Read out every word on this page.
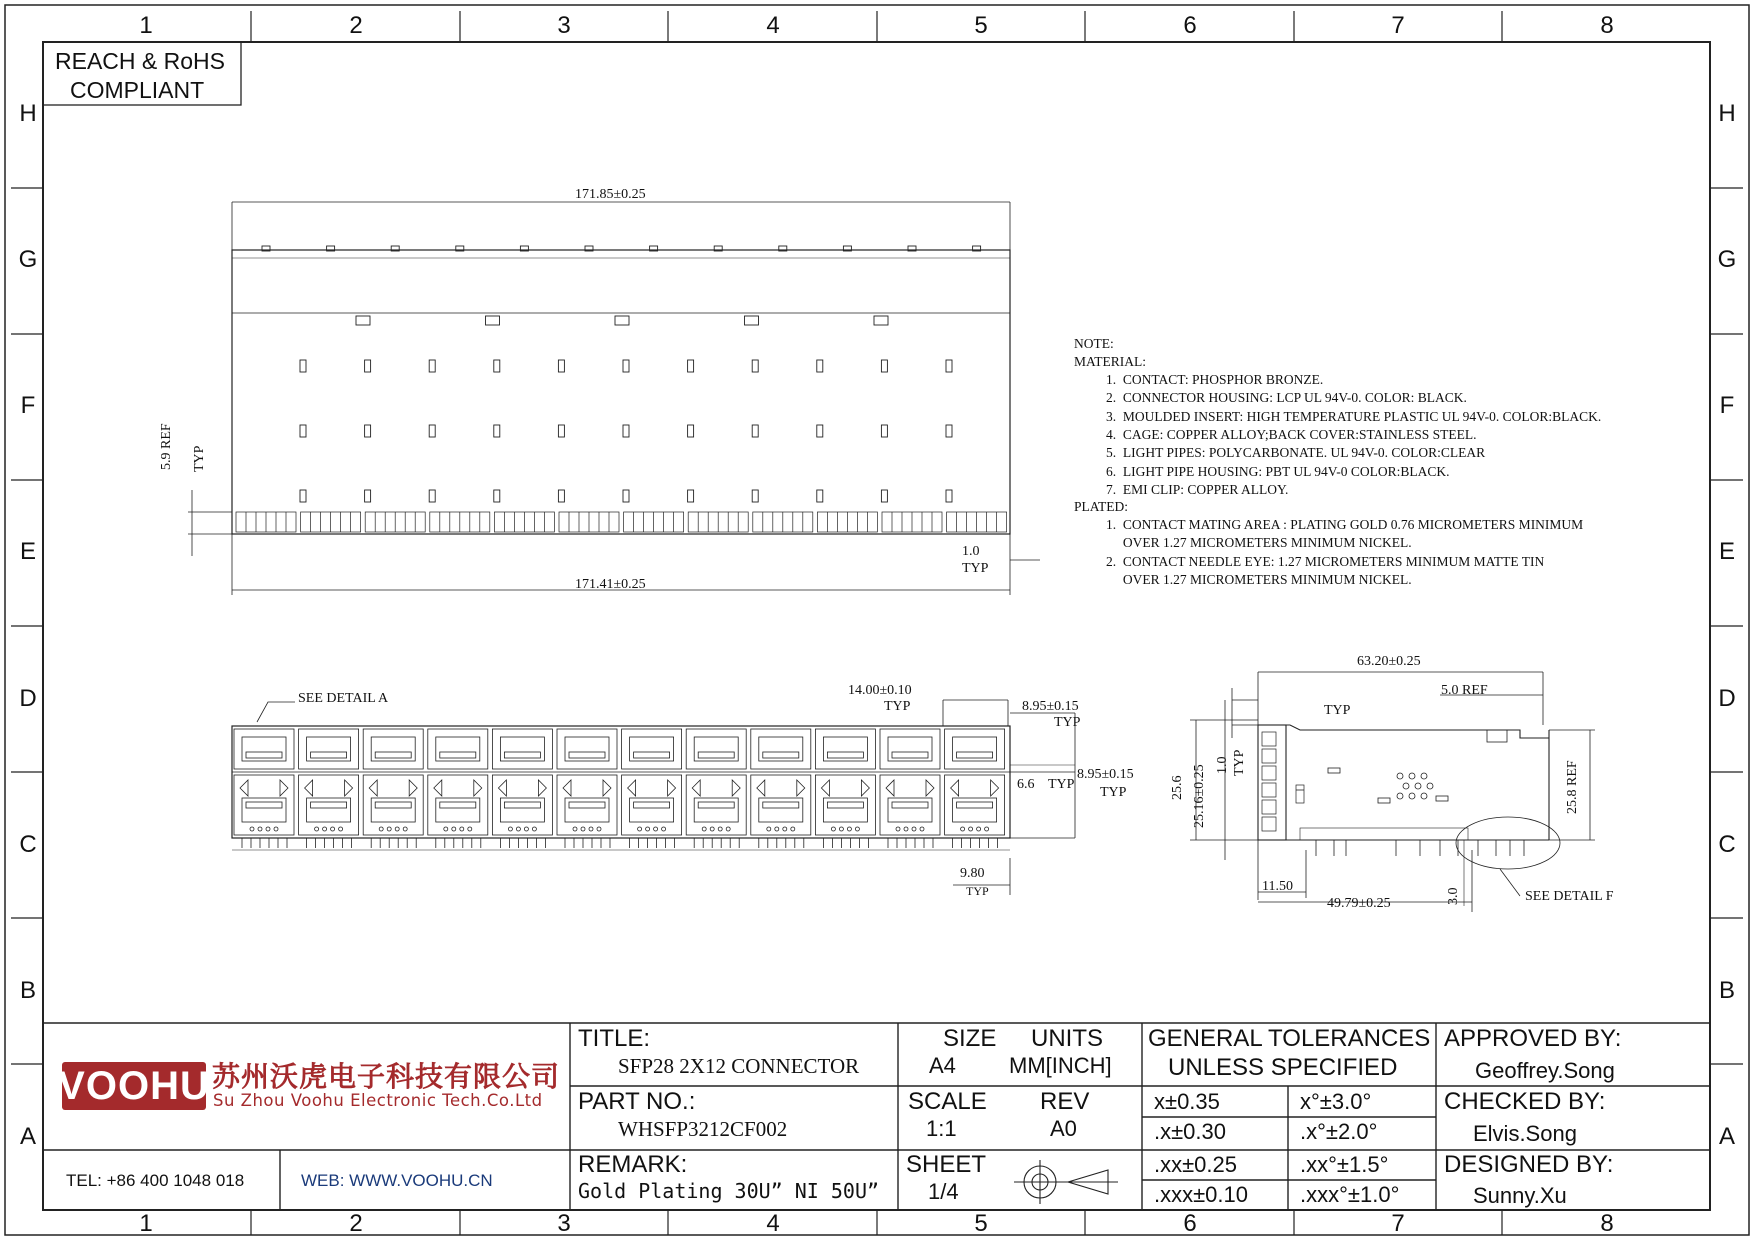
1	2	3	4	5	6	7	8
1	2	3	4	5	6	7	8
H
G
F
E
D
C
B
A
H
G
F
E
D
C
B
A
REACH & RoHS
COMPLIANT
171.85±0.25
171.41±0.25
5.9 REF TYP
1.0
TYP
NOTE:
MATERIAL:
1.  CONTACT: PHOSPHOR BRONZE.
2.  CONNECTOR HOUSING: LCP UL 94V-0. COLOR: BLACK.
3.  MOULDED INSERT: HIGH TEMPERATURE PLASTIC UL 94V-0. COLOR:BLACK.
4.  CAGE: COPPER ALLOY;BACK COVER:STAINLESS STEEL.
5.  LIGHT PIPES: POLYCARBONATE. UL 94V-0. COLOR:CLEAR
6.  LIGHT PIPE HOUSING: PBT UL 94V-0 COLOR:BLACK.
7.  EMI CLIP: COPPER ALLOY.
PLATED:
1.  CONTACT MATING AREA : PLATING GOLD 0.76 MICROMETERS MINIMUM
OVER 1.27 MICROMETERS MINIMUM NICKEL.
2.  CONTACT NEEDLE EYE: 1.27 MICROMETERS MINIMUM MATTE TIN
OVER 1.27 MICROMETERS MINIMUM NICKEL.
SEE DETAIL A
14.00±0.10
TYP	8.95±0.15
TYP
6.6 TYP
8.95±0.15
TYP
9.80
TYP
63.20±0.25
TYP
5.0 REF
25.6 25.16±0.25 1.0 TYP	25.8 REF
11.50
49.79±0.25	3.0	SEE DETAIL F
VOOHU 苏州沃虎电子科技有限公司
Su Zhou Voohu Electronic Tech.Co.Ltd
TEL: +86 400 1048 018	WEB: WWW.VOOHU.CN
TITLE:
SFP28 2X12 CONNECTOR
PART NO.:
WHSFP3212CF002
REMARK:
Gold Plating 30U” NI 50U”
SIZE
A4
UNITS
MM[INCH]
SCALE
1:1
REV
A0
SHEET
1/4
GENERAL TOLERANCES
UNLESS SPECIFIED
x±0.35	x°±3.0°
.x±0.30	.x°±2.0°
.xx±0.25	.xx°±1.5°
.xxx±0.10 .xxx°±1.0°
APPROVED BY:
Geoffrey.Song
CHECKED BY:
Elvis.Song
DESIGNED BY:
Sunny.Xu
